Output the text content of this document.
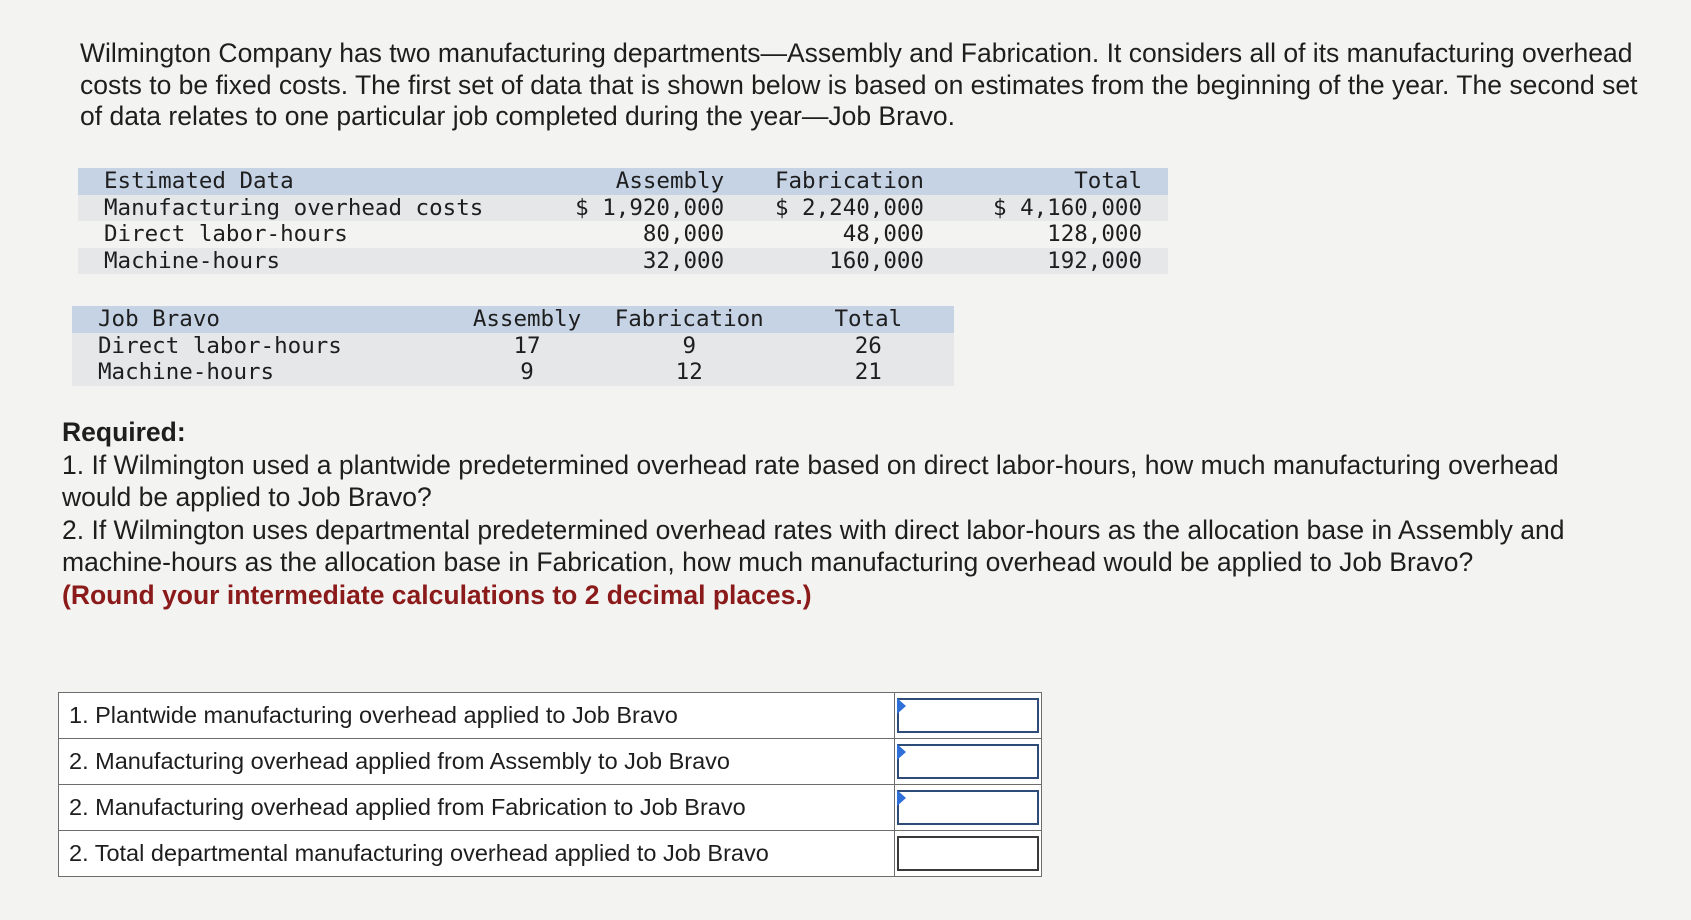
Wilmington Company has two manufacturing departments—Assembly and Fabrication. It considers all of its manufacturing overhead costs to be fixed costs. The first set of data that is shown below is based on estimates from the beginning of the year. The second set of data relates to one particular job completed during the year—Job Bravo.

Estimated Data	Assembly	Fabrication	Total
Manufacturing overhead costs	$ 1,920,000	$ 2,240,000	$ 4,160,000
Direct labor-hours	80,000	48,000	128,000
Machine-hours	32,000	160,000	192,000
Job Bravo	Assembly	Fabrication	Total
Direct labor-hours	17	9	26
Machine-hours	9	12	21
Required:
1. If Wilmington used a plantwide predetermined overhead rate based on direct labor-hours, how much manufacturing overhead would be applied to Job Bravo?
2. If Wilmington uses departmental predetermined overhead rates with direct labor-hours as the allocation base in Assembly and machine-hours as the allocation base in Fabrication, how much manufacturing overhead would be applied to Job Bravo?
(Round your intermediate calculations to 2 decimal places.)
1. Plantwide manufacturing overhead applied to Job Bravo	

2. Manufacturing overhead applied from Assembly to Job Bravo	

2. Manufacturing overhead applied from Fabrication to Job Bravo	

2. Total departmental manufacturing overhead applied to Job Bravo	
